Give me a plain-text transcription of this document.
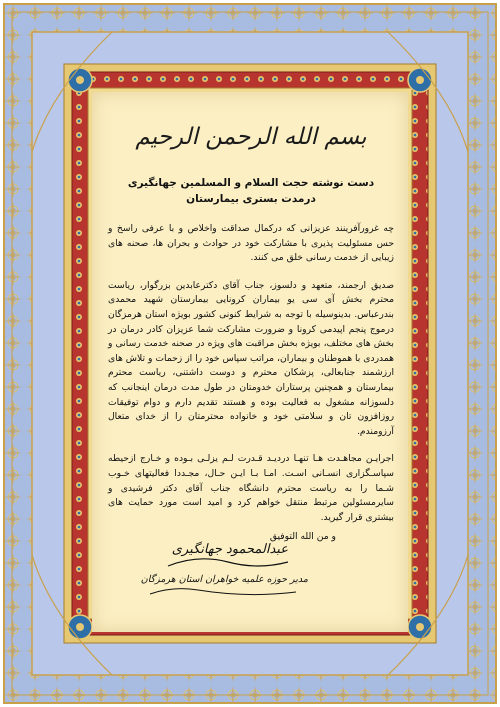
بسم الله الرحمن الرحیم
دست نوشته حجت السلام و المسلمین جهانگیری
درمدت بستری بیمارستان

چه غرورآفرینند عزیزانی که درکمال صداقت واخلاص و با عرفی راسخ و حس مسئولیت پذیری با مشارکت خود در حوادث و بحران ها، صحنه های زیبایی از خدمت رسانی خلق می کنند.

صدیق ارجمند، متعهد و دلسوز، جناب آقای دکترعابدین بزرگوار، ریاست محترم بخش آی سی یو بیماران کرونایی بیمارستان شهید محمدی بندرعباس. بدینوسیله با توجه به شرایط کنونی کشور بویژه استان هرمزگان درموج پنجم اپیدمی کرونا و ضرورت مشارکت شما عزیزان کادر درمان در بخش های مختلف، بویژه بخش مراقبت های ویژه در صحنه خدمت رسانی و همدردی با هموطنان و بیماران، مراتب سپاس خود را از زحمات و تلاش های ارزشمند جنابعالی، پزشکان محترم و دوست داشتنی، ریاست محترم بیمارستان و همچنین پرستاران خدومتان در طول مدت درمان اینجانب که دلسوزانه مشغول به فعالیت بوده و هستند تقدیم دارم و دوام توفیقات روزافزون تان و سلامتی خود و خانواده محترمتان را از خدای متعال آرزومندم.

اجرایـن مجاهـدت هـا تنهـا دردیـد قـدرت لـم یزلـی بـوده و خـارج ازحیطه سپاسـگزاری انسـانی اسـت. امـا بـا ایـن حـال، مجـددا فعالیتهای خـوب شـما را به ریاست محترم دانشگاه جناب آقای دکتر فرشیدی و سایرمسئولین مرتبط منتقل خواهم کرد و امید است مورد حمایت های بیشتری قرار گیرید.

و من الله التوفیق
عبدالمحمود جهانگیری
مدیر حوزه علمیه خواهران استان هرمزگان
